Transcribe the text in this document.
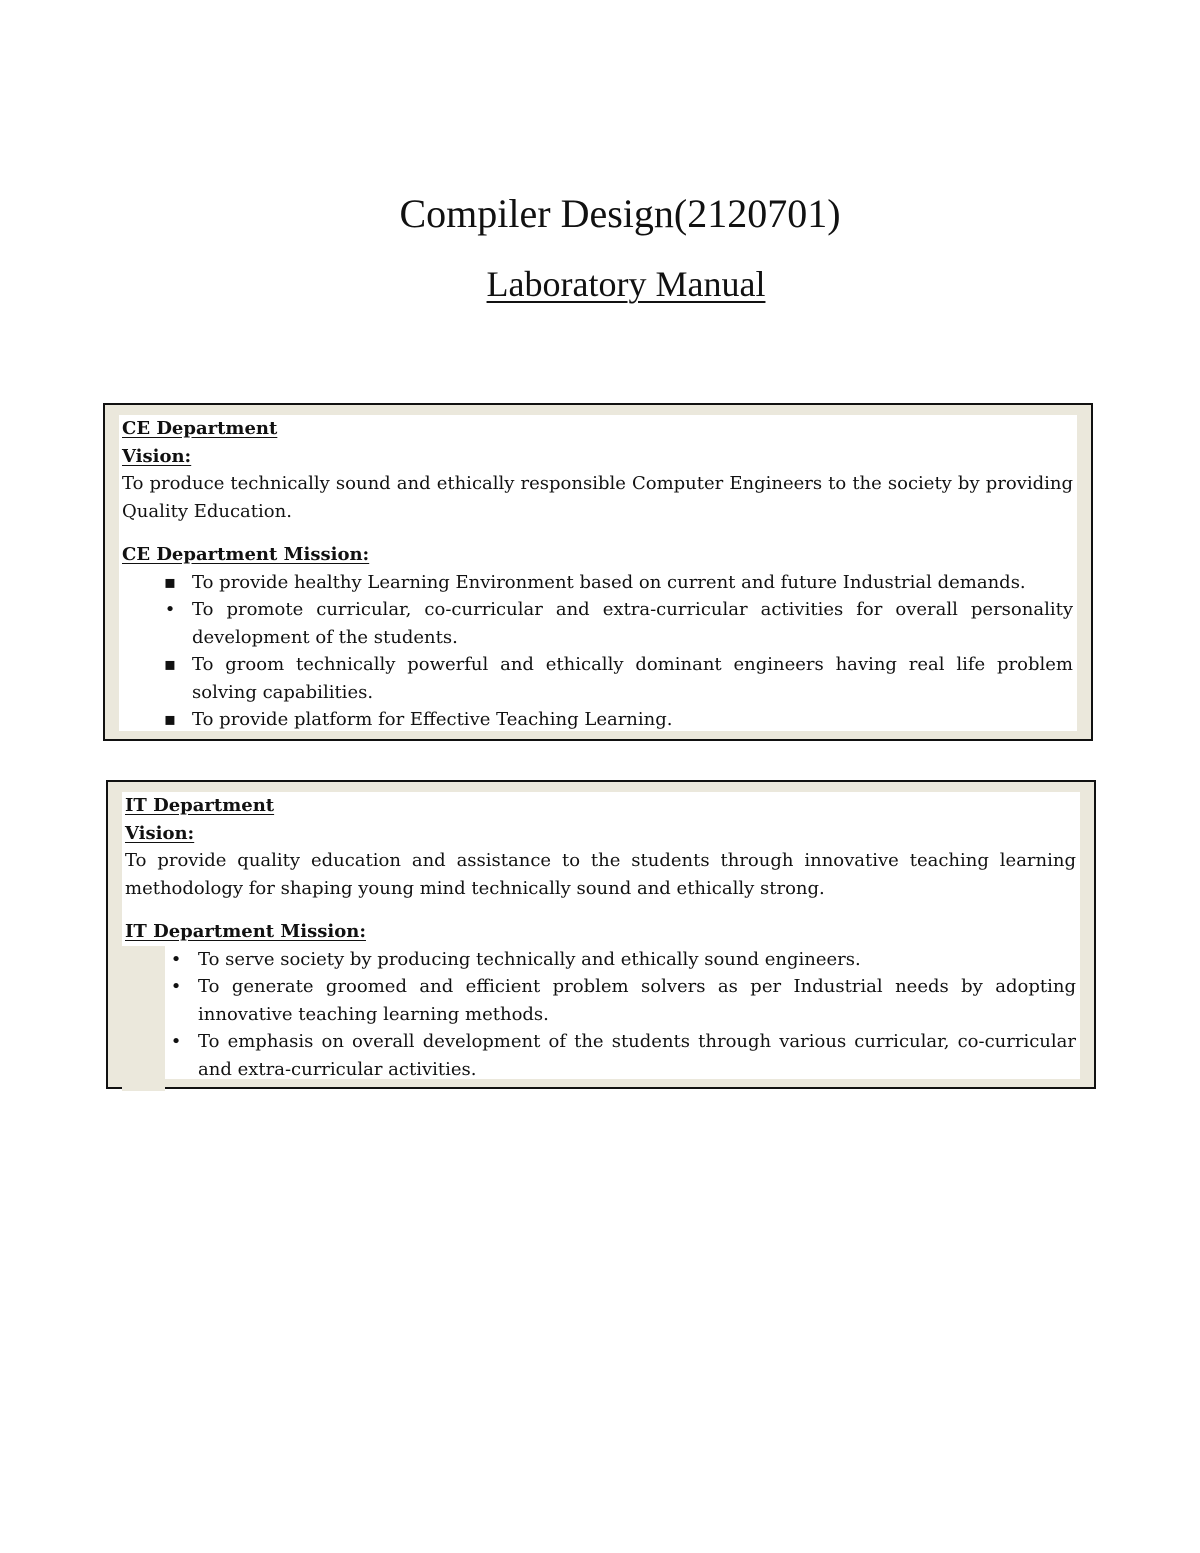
Compiler Design(2120701)
Laboratory Manual
CE Department
Vision:

To produce technically sound and ethically responsible Computer Engineers to the society by providing Quality Education.

CE Department Mission:
▪ To provide healthy Learning Environment based on current and future Industrial demands.
• To promote curricular, co-curricular and extra-curricular activities for overall personality development of the students.
▪ To groom technically powerful and ethically dominant engineers having real life problem solving capabilities.
▪ To provide platform for Effective Teaching Learning.
IT Department
Vision:

To provide quality education and assistance to the students through innovative teaching learning methodology for shaping young mind technically sound and ethically strong.

IT Department Mission:
• To serve society by producing technically and ethically sound engineers.
• To generate groomed and efficient problem solvers as per Industrial needs by adopting innovative teaching learning methods.
• To emphasis on overall development of the students through various curricular, co-curricular and extra-curricular activities.
